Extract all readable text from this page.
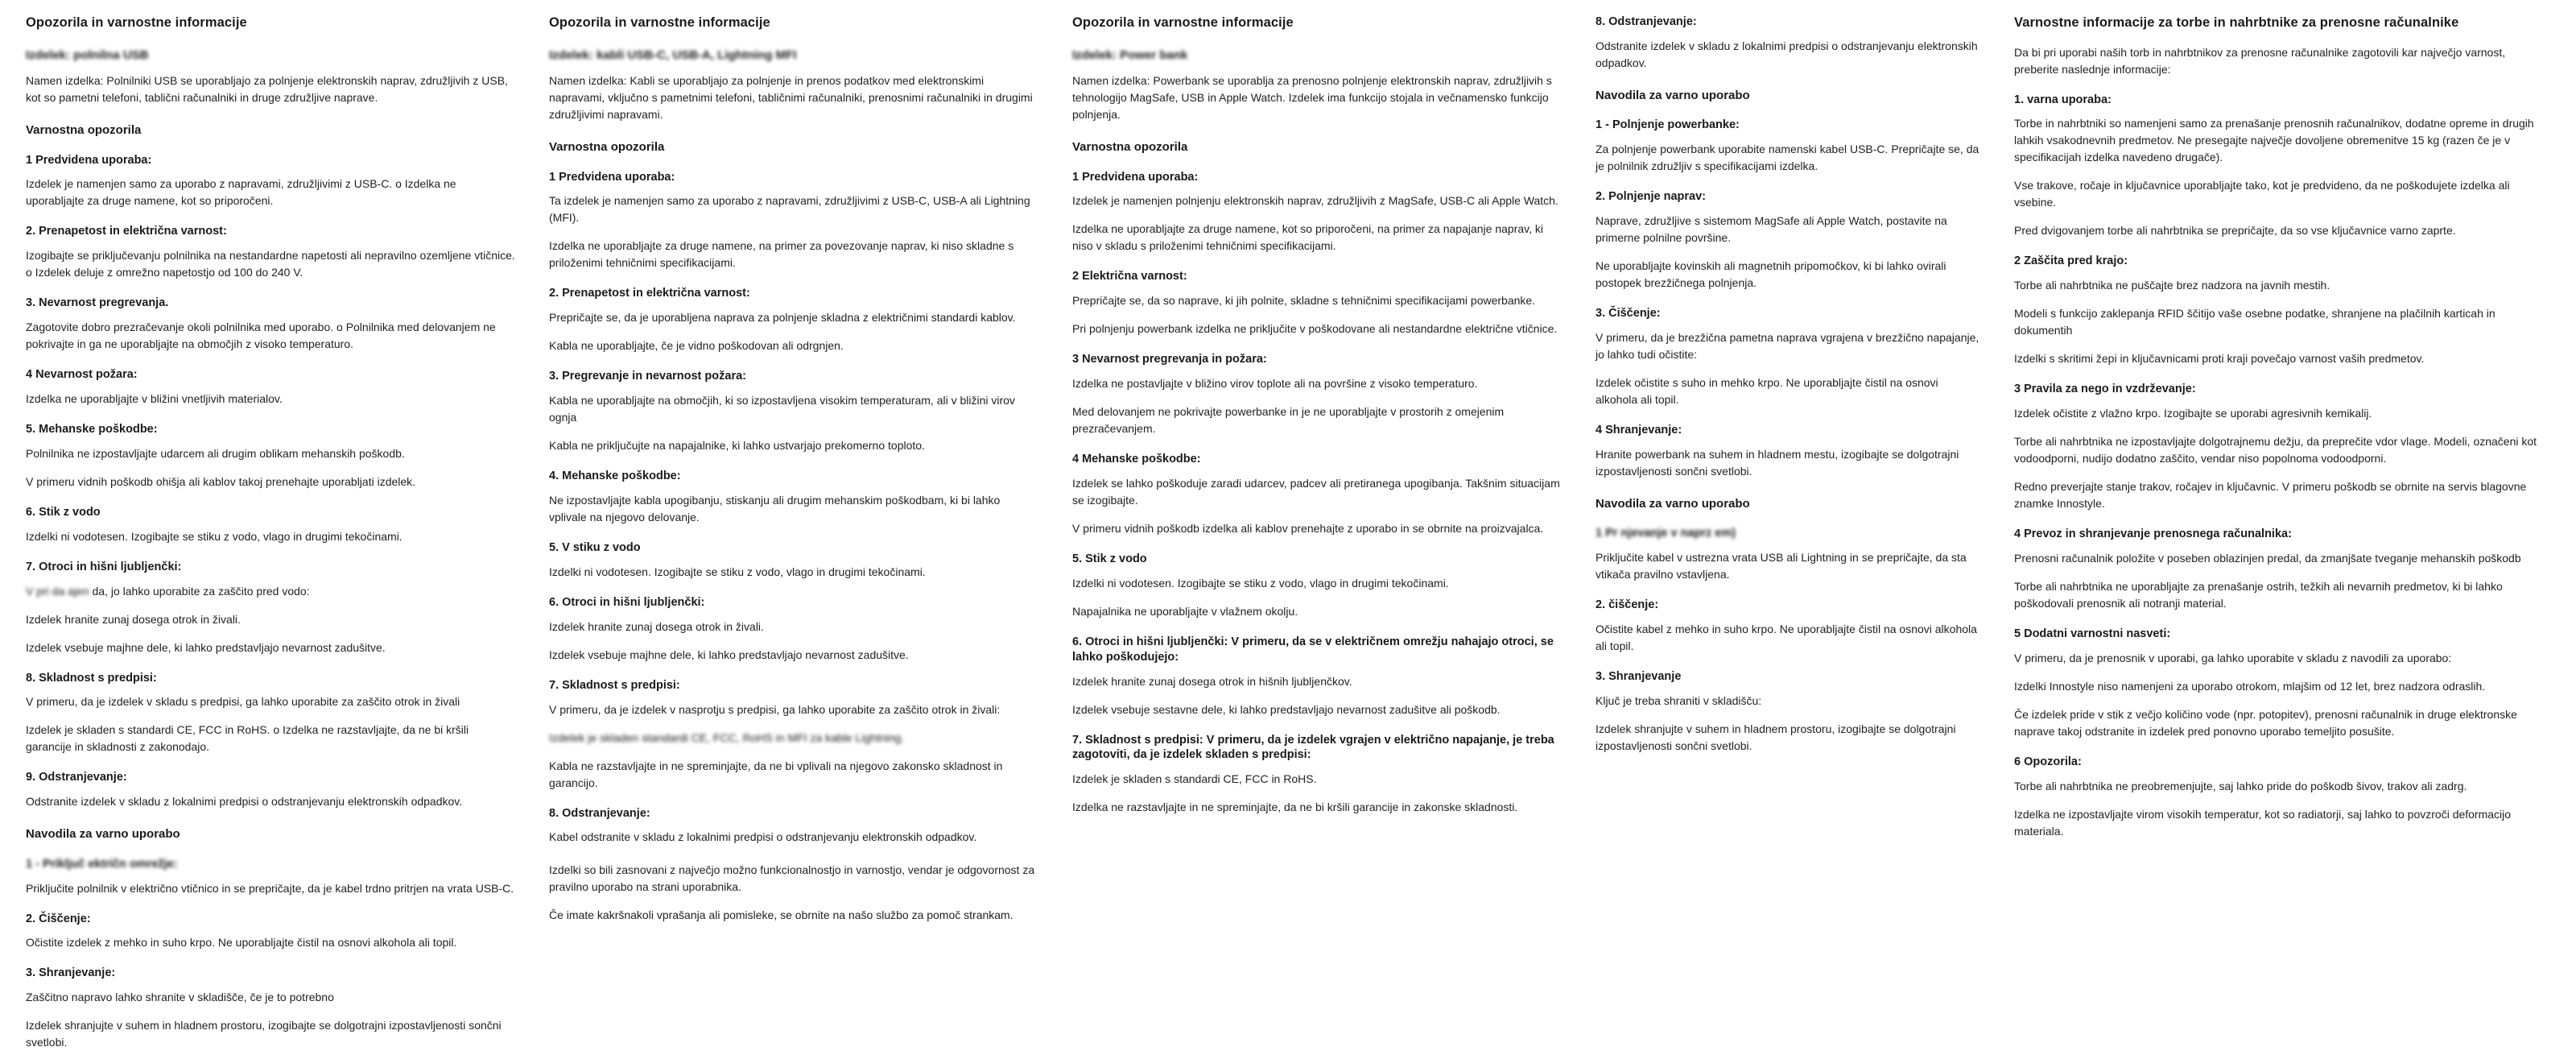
Opozorila in varnostne informacije
Izdelek: polnilna USB

Namen izdelka: Polnilniki USB se uporabljajo za polnjenje elektronskih naprav, združljivih z USB, kot so pametni telefoni, tablični računalniki in druge združljive naprave.

Varnostna opozorila
1 Predvidena uporaba:

Izdelek je namenjen samo za uporabo z napravami, združljivimi z USB-C. o Izdelka ne uporabljajte za druge namene, kot so priporočeni.

2. Prenapetost in električna varnost:

Izogibajte se priključevanju polnilnika na nestandardne napetosti ali nepravilno ozemljene vtičnice. o Izdelek deluje z omrežno napetostjo od 100 do 240 V.

3. Nevarnost pregrevanja.

Zagotovite dobro prezračevanje okoli polnilnika med uporabo. o Polnilnika med delovanjem ne pokrivajte in ga ne uporabljajte na območjih z visoko temperaturo.

4 Nevarnost požara:

Izdelka ne uporabljajte v bližini vnetljivih materialov.

5. Mehanske poškodbe:

Polnilnika ne izpostavljajte udarcem ali drugim oblikam mehanskih poškodb.

V primeru vidnih poškodb ohišja ali kablov takoj prenehajte uporabljati izdelek.

6. Stik z vodo

Izdelki ni vodotesen. Izogibajte se stiku z vodo, vlago in drugimi tekočinami.

7. Otroci in hišni ljubljenčki:

V pri da ajen da, jo lahko uporabite za zaščito pred vodo:

Izdelek hranite zunaj dosega otrok in živali.

Izdelek vsebuje majhne dele, ki lahko predstavljajo nevarnost zadušitve.

8. Skladnost s predpisi:

V primeru, da je izdelek v skladu s predpisi, ga lahko uporabite za zaščito otrok in živali

Izdelek je skladen s standardi CE, FCC in RoHS. o Izdelka ne razstavljajte, da ne bi kršili garancije in skladnosti z zakonodajo.

9. Odstranjevanje:

Odstranite izdelek v skladu z lokalnimi predpisi o odstranjevanju elektronskih odpadkov.

Navodila za varno uporabo
1 - Priključ ektričn omrežje:

Priključite polnilnik v električno vtičnico in se prepričajte, da je kabel trdno pritrjen na vrata USB-C.

2. Čiščenje:

Očistite izdelek z mehko in suho krpo. Ne uporabljajte čistil na osnovi alkohola ali topil.

3. Shranjevanje:

Zaščitno napravo lahko shranite v skladišče, če je to potrebno

Izdelek shranjujte v suhem in hladnem prostoru, izogibajte se dolgotrajni izpostavljenosti sončni svetlobi.

Opozorila in varnostne informacije
Izdelek: kabli USB-C, USB-A, Lightning MFI

Namen izdelka: Kabli se uporabljajo za polnjenje in prenos podatkov med elektronskimi napravami, vključno s pametnimi telefoni, tabličnimi računalniki, prenosnimi računalniki in drugimi združljivimi napravami.

Varnostna opozorila
1 Predvidena uporaba:

Ta izdelek je namenjen samo za uporabo z napravami, združljivimi z USB-C, USB-A ali Lightning (MFI).

Izdelka ne uporabljajte za druge namene, na primer za povezovanje naprav, ki niso skladne s priloženimi tehničnimi specifikacijami.

2. Prenapetost in električna varnost:

Prepričajte se, da je uporabljena naprava za polnjenje skladna z električnimi standardi kablov.

Kabla ne uporabljajte, če je vidno poškodovan ali odrgnjen.

3. Pregrevanje in nevarnost požara:

Kabla ne uporabljajte na območjih, ki so izpostavljena visokim temperaturam, ali v bližini virov ognja

Kabla ne priključujte na napajalnike, ki lahko ustvarjajo prekomerno toploto.

4. Mehanske poškodbe:

Ne izpostavljajte kabla upogibanju, stiskanju ali drugim mehanskim poškodbam, ki bi lahko vplivale na njegovo delovanje.

5. V stiku z vodo

Izdelki ni vodotesen. Izogibajte se stiku z vodo, vlago in drugimi tekočinami.

6. Otroci in hišni ljubljenčki:

Izdelek hranite zunaj dosega otrok in živali.

Izdelek vsebuje majhne dele, ki lahko predstavljajo nevarnost zadušitve.

7. Skladnost s predpisi:

V primeru, da je izdelek v nasprotju s predpisi, ga lahko uporabite za zaščito otrok in živali:

Izdelek je skladen standardi CE, FCC, RoHS in MFI za kable Lightning.

Kabla ne razstavljajte in ne spreminjajte, da ne bi vplivali na njegovo zakonsko skladnost in garancijo.

8. Odstranjevanje:

Kabel odstranite v skladu z lokalnimi predpisi o odstranjevanju elektronskih odpadkov.

Izdelki so bili zasnovani z največjo možno funkcionalnostjo in varnostjo, vendar je odgovornost za pravilno uporabo na strani uporabnika.

Če imate kakršnakoli vprašanja ali pomisleke, se obrnite na našo službo za pomoč strankam.

Opozorila in varnostne informacije
Izdelek: Power bank

Namen izdelka: Powerbank se uporablja za prenosno polnjenje elektronskih naprav, združljivih s tehnologijo MagSafe, USB in Apple Watch. Izdelek ima funkcijo stojala in večnamensko funkcijo polnjenja.

Varnostna opozorila
1 Predvidena uporaba:

Izdelek je namenjen polnjenju elektronskih naprav, združljivih z MagSafe, USB-C ali Apple Watch.

Izdelka ne uporabljajte za druge namene, kot so priporočeni, na primer za napajanje naprav, ki niso v skladu s priloženimi tehničnimi specifikacijami.

2 Električna varnost:

Prepričajte se, da so naprave, ki jih polnite, skladne s tehničnimi specifikacijami powerbanke.

Pri polnjenju powerbank izdelka ne priključite v poškodovane ali nestandardne električne vtičnice.

3 Nevarnost pregrevanja in požara:

Izdelka ne postavljajte v bližino virov toplote ali na površine z visoko temperaturo.

Med delovanjem ne pokrivajte powerbanke in je ne uporabljajte v prostorih z omejenim prezračevanjem.

4 Mehanske poškodbe:

Izdelek se lahko poškoduje zaradi udarcev, padcev ali pretiranega upogibanja. Takšnim situacijam se izogibajte.

V primeru vidnih poškodb izdelka ali kablov prenehajte z uporabo in se obrnite na proizvajalca.

5. Stik z vodo

Izdelki ni vodotesen. Izogibajte se stiku z vodo, vlago in drugimi tekočinami.

Napajalnika ne uporabljajte v vlažnem okolju.

6. Otroci in hišni ljubljenčki: V primeru, da se v električnem omrežju nahajajo otroci, se lahko poškodujejo:

Izdelek hranite zunaj dosega otrok in hišnih ljubljenčkov.

Izdelek vsebuje sestavne dele, ki lahko predstavljajo nevarnost zadušitve ali poškodb.

7. Skladnost s predpisi: V primeru, da je izdelek vgrajen v električno napajanje, je treba zagotoviti, da je izdelek skladen s predpisi:

Izdelek je skladen s standardi CE, FCC in RoHS.

Izdelka ne razstavljajte in ne spreminjajte, da ne bi kršili garancije in zakonske skladnosti.

8. Odstranjevanje:

Odstranite izdelek v skladu z lokalnimi predpisi o odstranjevanju elektronskih odpadkov.

Navodila za varno uporabo
1 - Polnjenje powerbanke:

Za polnjenje powerbank uporabite namenski kabel USB-C. Prepričajte se, da je polnilnik združljiv s specifikacijami izdelka.

2. Polnjenje naprav:

Naprave, združljive s sistemom MagSafe ali Apple Watch, postavite na primerne polnilne površine.

Ne uporabljajte kovinskih ali magnetnih pripomočkov, ki bi lahko ovirali postopek brezžičnega polnjenja.

3. Čiščenje:

V primeru, da je brezžična pametna naprava vgrajena v brezžično napajanje, jo lahko tudi očistite:

Izdelek očistite s suho in mehko krpo. Ne uporabljajte čistil na osnovi alkohola ali topil.

4 Shranjevanje:

Hranite powerbank na suhem in hladnem mestu, izogibajte se dolgotrajni izpostavljenosti sončni svetlobi.

Navodila za varno uporabo
1 Pr njevanje v naprz em)

Priključite kabel v ustrezna vrata USB ali Lightning in se prepričajte, da sta vtikača pravilno vstavljena.

2. čiščenje:

Očistite kabel z mehko in suho krpo. Ne uporabljajte čistil na osnovi alkohola ali topil.

3. Shranjevanje

Ključ je treba shraniti v skladišču:

Izdelek shranjujte v suhem in hladnem prostoru, izogibajte se dolgotrajni izpostavljenosti sončni svetlobi.

Varnostne informacije za torbe in nahrbtnike za prenosne računalnike

Da bi pri uporabi naših torb in nahrbtnikov za prenosne računalnike zagotovili kar največjo varnost, preberite naslednje informacije:

1. varna uporaba:

Torbe in nahrbtniki so namenjeni samo za prenašanje prenosnih računalnikov, dodatne opreme in drugih lahkih vsakodnevnih predmetov. Ne presegajte največje dovoljene obremenitve 15 kg (razen če je v specifikacijah izdelka navedeno drugače).

Vse trakove, ročaje in ključavnice uporabljajte tako, kot je predvideno, da ne poškodujete izdelka ali vsebine.

Pred dvigovanjem torbe ali nahrbtnika se prepričajte, da so vse ključavnice varno zaprte.

2 Zaščita pred krajo:

Torbe ali nahrbtnika ne puščajte brez nadzora na javnih mestih.

Modeli s funkcijo zaklepanja RFID ščitijo vaše osebne podatke, shranjene na plačilnih karticah in dokumentih

Izdelki s skritimi žepi in ključavnicami proti kraji povečajo varnost vaših predmetov.

3 Pravila za nego in vzdrževanje:

Izdelek očistite z vlažno krpo. Izogibajte se uporabi agresivnih kemikalij.

Torbe ali nahrbtnika ne izpostavljajte dolgotrajnemu dežju, da preprečite vdor vlage. Modeli, označeni kot vodoodporni, nudijo dodatno zaščito, vendar niso popolnoma vodoodporni.

Redno preverjajte stanje trakov, ročajev in ključavnic. V primeru poškodb se obrnite na servis blagovne znamke Innostyle.

4 Prevoz in shranjevanje prenosnega računalnika:

Prenosni računalnik položite v poseben oblazinjen predal, da zmanjšate tveganje mehanskih poškodb

Torbe ali nahrbtnika ne uporabljajte za prenašanje ostrih, težkih ali nevarnih predmetov, ki bi lahko poškodovali prenosnik ali notranji material.

5 Dodatni varnostni nasveti:

V primeru, da je prenosnik v uporabi, ga lahko uporabite v skladu z navodili za uporabo:

Izdelki Innostyle niso namenjeni za uporabo otrokom, mlajšim od 12 let, brez nadzora odraslih.

Če izdelek pride v stik z večjo količino vode (npr. potopitev), prenosni računalnik in druge elektronske naprave takoj odstranite in izdelek pred ponovno uporabo temeljito posušite.

6 Opozorila:

Torbe ali nahrbtnika ne preobremenjujte, saj lahko pride do poškodb šivov, trakov ali zadrg.

Izdelka ne izpostavljajte virom visokih temperatur, kot so radiatorji, saj lahko to povzroči deformacijo materiala.
